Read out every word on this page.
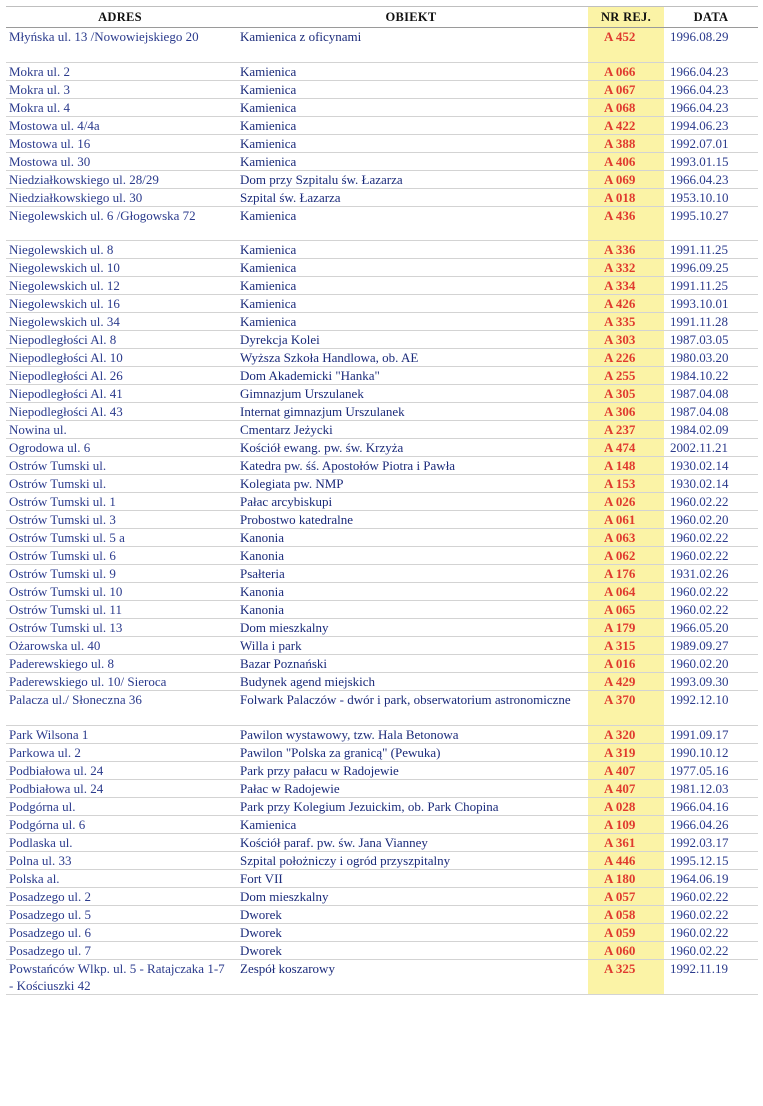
ADRES	OBIEKT	NR REJ.	DATA
Młyńska ul. 13 /Nowowiejskiego 20	Kamienica z oficynami	A 452	1996.08.29
Mokra ul. 2	Kamienica	A 066	1966.04.23
Mokra ul. 3	Kamienica	A 067	1966.04.23
Mokra ul. 4	Kamienica	A 068	1966.04.23
Mostowa ul. 4/4a	Kamienica	A 422	1994.06.23
Mostowa ul. 16	Kamienica	A 388	1992.07.01
Mostowa ul. 30	Kamienica	A 406	1993.01.15
Niedziałkowskiego ul. 28/29	Dom przy Szpitalu św. Łazarza	A 069	1966.04.23
Niedziałkowskiego ul. 30	Szpital św. Łazarza	A 018	1953.10.10
Niegolewskich ul. 6 /Głogowska 72	Kamienica	A 436	1995.10.27
Niegolewskich ul. 8	Kamienica	A 336	1991.11.25
Niegolewskich ul. 10	Kamienica	A 332	1996.09.25
Niegolewskich ul. 12	Kamienica	A 334	1991.11.25
Niegolewskich ul. 16	Kamienica	A 426	1993.10.01
Niegolewskich ul. 34	Kamienica	A 335	1991.11.28
Niepodległości Al. 8	Dyrekcja Kolei	A 303	1987.03.05
Niepodległości Al. 10	Wyższa Szkoła Handlowa, ob. AE	A 226	1980.03.20
Niepodległości Al. 26	Dom Akademicki "Hanka"	A 255	1984.10.22
Niepodległości Al. 41	Gimnazjum Urszulanek	A 305	1987.04.08
Niepodległości Al. 43	Internat gimnazjum Urszulanek	A 306	1987.04.08
Nowina ul.	Cmentarz Jeżycki	A 237	1984.02.09
Ogrodowa ul. 6	Kościół ewang. pw. św. Krzyża	A 474	2002.11.21
Ostrów Tumski ul.	Katedra pw. śś. Apostołów Piotra i Pawła	A 148	1930.02.14
Ostrów Tumski ul.	Kolegiata pw. NMP	A 153	1930.02.14
Ostrów Tumski ul. 1	Pałac arcybiskupi	A 026	1960.02.22
Ostrów Tumski ul. 3	Probostwo katedralne	A 061	1960.02.20
Ostrów Tumski ul. 5 a	Kanonia	A 063	1960.02.22
Ostrów Tumski ul. 6	Kanonia	A 062	1960.02.22
Ostrów Tumski ul. 9	Psałteria	A 176	1931.02.26
Ostrów Tumski ul. 10	Kanonia	A 064	1960.02.22
Ostrów Tumski ul. 11	Kanonia	A 065	1960.02.22
Ostrów Tumski ul. 13	Dom mieszkalny	A 179	1966.05.20
Ożarowska ul. 40	Willa i park	A 315	1989.09.27
Paderewskiego ul. 8	Bazar Poznański	A 016	1960.02.20
Paderewskiego ul. 10/ Sieroca	Budynek agend miejskich	A 429	1993.09.30
Palacza ul./ Słoneczna 36	Folwark Palaczów - dwór i park, obserwatorium astronomiczne	A 370	1992.12.10
Park Wilsona 1	Pawilon wystawowy, tzw. Hala Betonowa	A 320	1991.09.17
Parkowa ul. 2	Pawilon "Polska za granicą" (Pewuka)	A 319	1990.10.12
Podbiałowa ul. 24	Park przy pałacu w Radojewie	A 407	1977.05.16
Podbiałowa ul. 24	Pałac w Radojewie	A 407	1981.12.03
Podgórna ul.	Park przy Kolegium Jezuickim, ob. Park Chopina	A 028	1966.04.16
Podgórna ul. 6	Kamienica	A 109	1966.04.26
Podlaska ul.	Kościół paraf. pw. św. Jana Vianney	A 361	1992.03.17
Polna ul. 33	Szpital położniczy i ogród przyszpitalny	A 446	1995.12.15
Polska al.	Fort VII	A 180	1964.06.19
Posadzego ul. 2	Dom mieszkalny	A 057	1960.02.22
Posadzego ul. 5	Dworek	A 058	1960.02.22
Posadzego ul. 6	Dworek	A 059	1960.02.22
Posadzego ul. 7	Dworek	A 060	1960.02.22
Powstańców Wlkp. ul. 5 - Ratajczaka 1-7 - Kościuszki 42	Zespół koszarowy	A 325	1992.11.19
